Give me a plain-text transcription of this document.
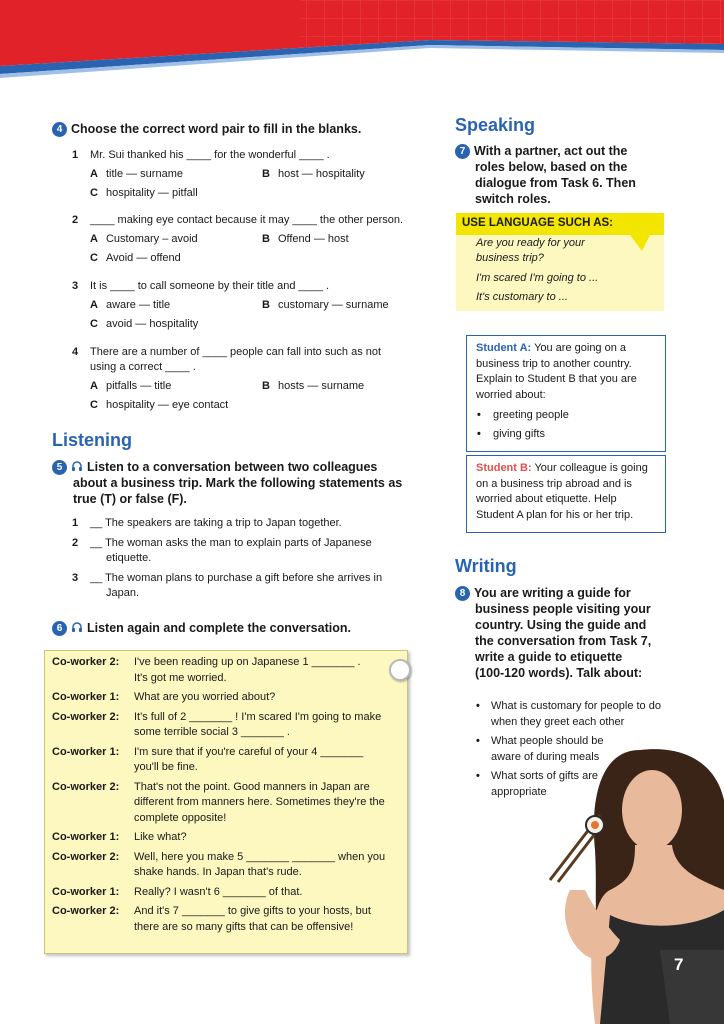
4 Choose the correct word pair to fill in the blanks.
1	Mr. Sui thanked his ____ for the wonderful ____ .
A title — surname	B host — hospitality
C hospitality — pitfall
2	____ making eye contact because it may ____ the other person.
A Customary – avoid	B Offend — host
C Avoid — offend
3	It is ____ to call someone by their title and ____ .
A aware — title	B customary — surname
C avoid — hospitality
4	There are a number of ____ people can fall into such as not
using a correct ____ .
A pitfalls — title	B hosts — surname
C hospitality — eye contact
Listening
5 Listen to a conversation between two colleagues
about a business trip. Mark the following statements as
true (T) or false (F).
1	__ The speakers are taking a trip to Japan together.
2	__ The woman asks the man to explain parts of Japanese
etiquette.
3	__ The woman plans to purchase a gift before she arrives in
Japan.
6 Listen again and complete the conversation.
Co-worker 2:	I've been reading up on Japanese 1 _______ .
It's got me worried.
Co-worker 1:	What are you worried about?
Co-worker 2:	It's full of 2 _______ ! I'm scared I'm going to make
some terrible social 3 _______ .
Co-worker 1:	I'm sure that if you're careful of your 4 _______
you'll be fine.
Co-worker 2:	That's not the point. Good manners in Japan are
different from manners here. Sometimes they're the
complete opposite!
Co-worker 1:	Like what?
Co-worker 2:	Well, here you make 5 _______ _______ when you
shake hands. In Japan that's rude.
Co-worker 1:	Really? I wasn't 6 _______ of that.
Co-worker 2:	And it's 7 _______ to give gifts to your hosts, but
there are so many gifts that can be offensive!
Speaking
7 With a partner, act out the
roles below, based on the
dialogue from Task 6. Then
switch roles.
USE LANGUAGE SUCH AS:
Are you ready for your
business trip?
I'm scared I'm going to ...
It's customary to ...
Student A: You are going on a
business trip to another country.
Explain to Student B that you are
worried about:
• greeting people
• giving gifts
Student B: Your colleague is going
on a business trip abroad and is
worried about etiquette. Help
Student A plan for his or her trip.
Writing
8 You are writing a guide for
business people visiting your
country. Using the guide and
the conversation from Task 7,
write a guide to etiquette
(100-120 words). Talk about:
• What is customary for people to do
when they greet each other
• What people should be
aware of during meals
• What sorts of gifts are
appropriate
7
